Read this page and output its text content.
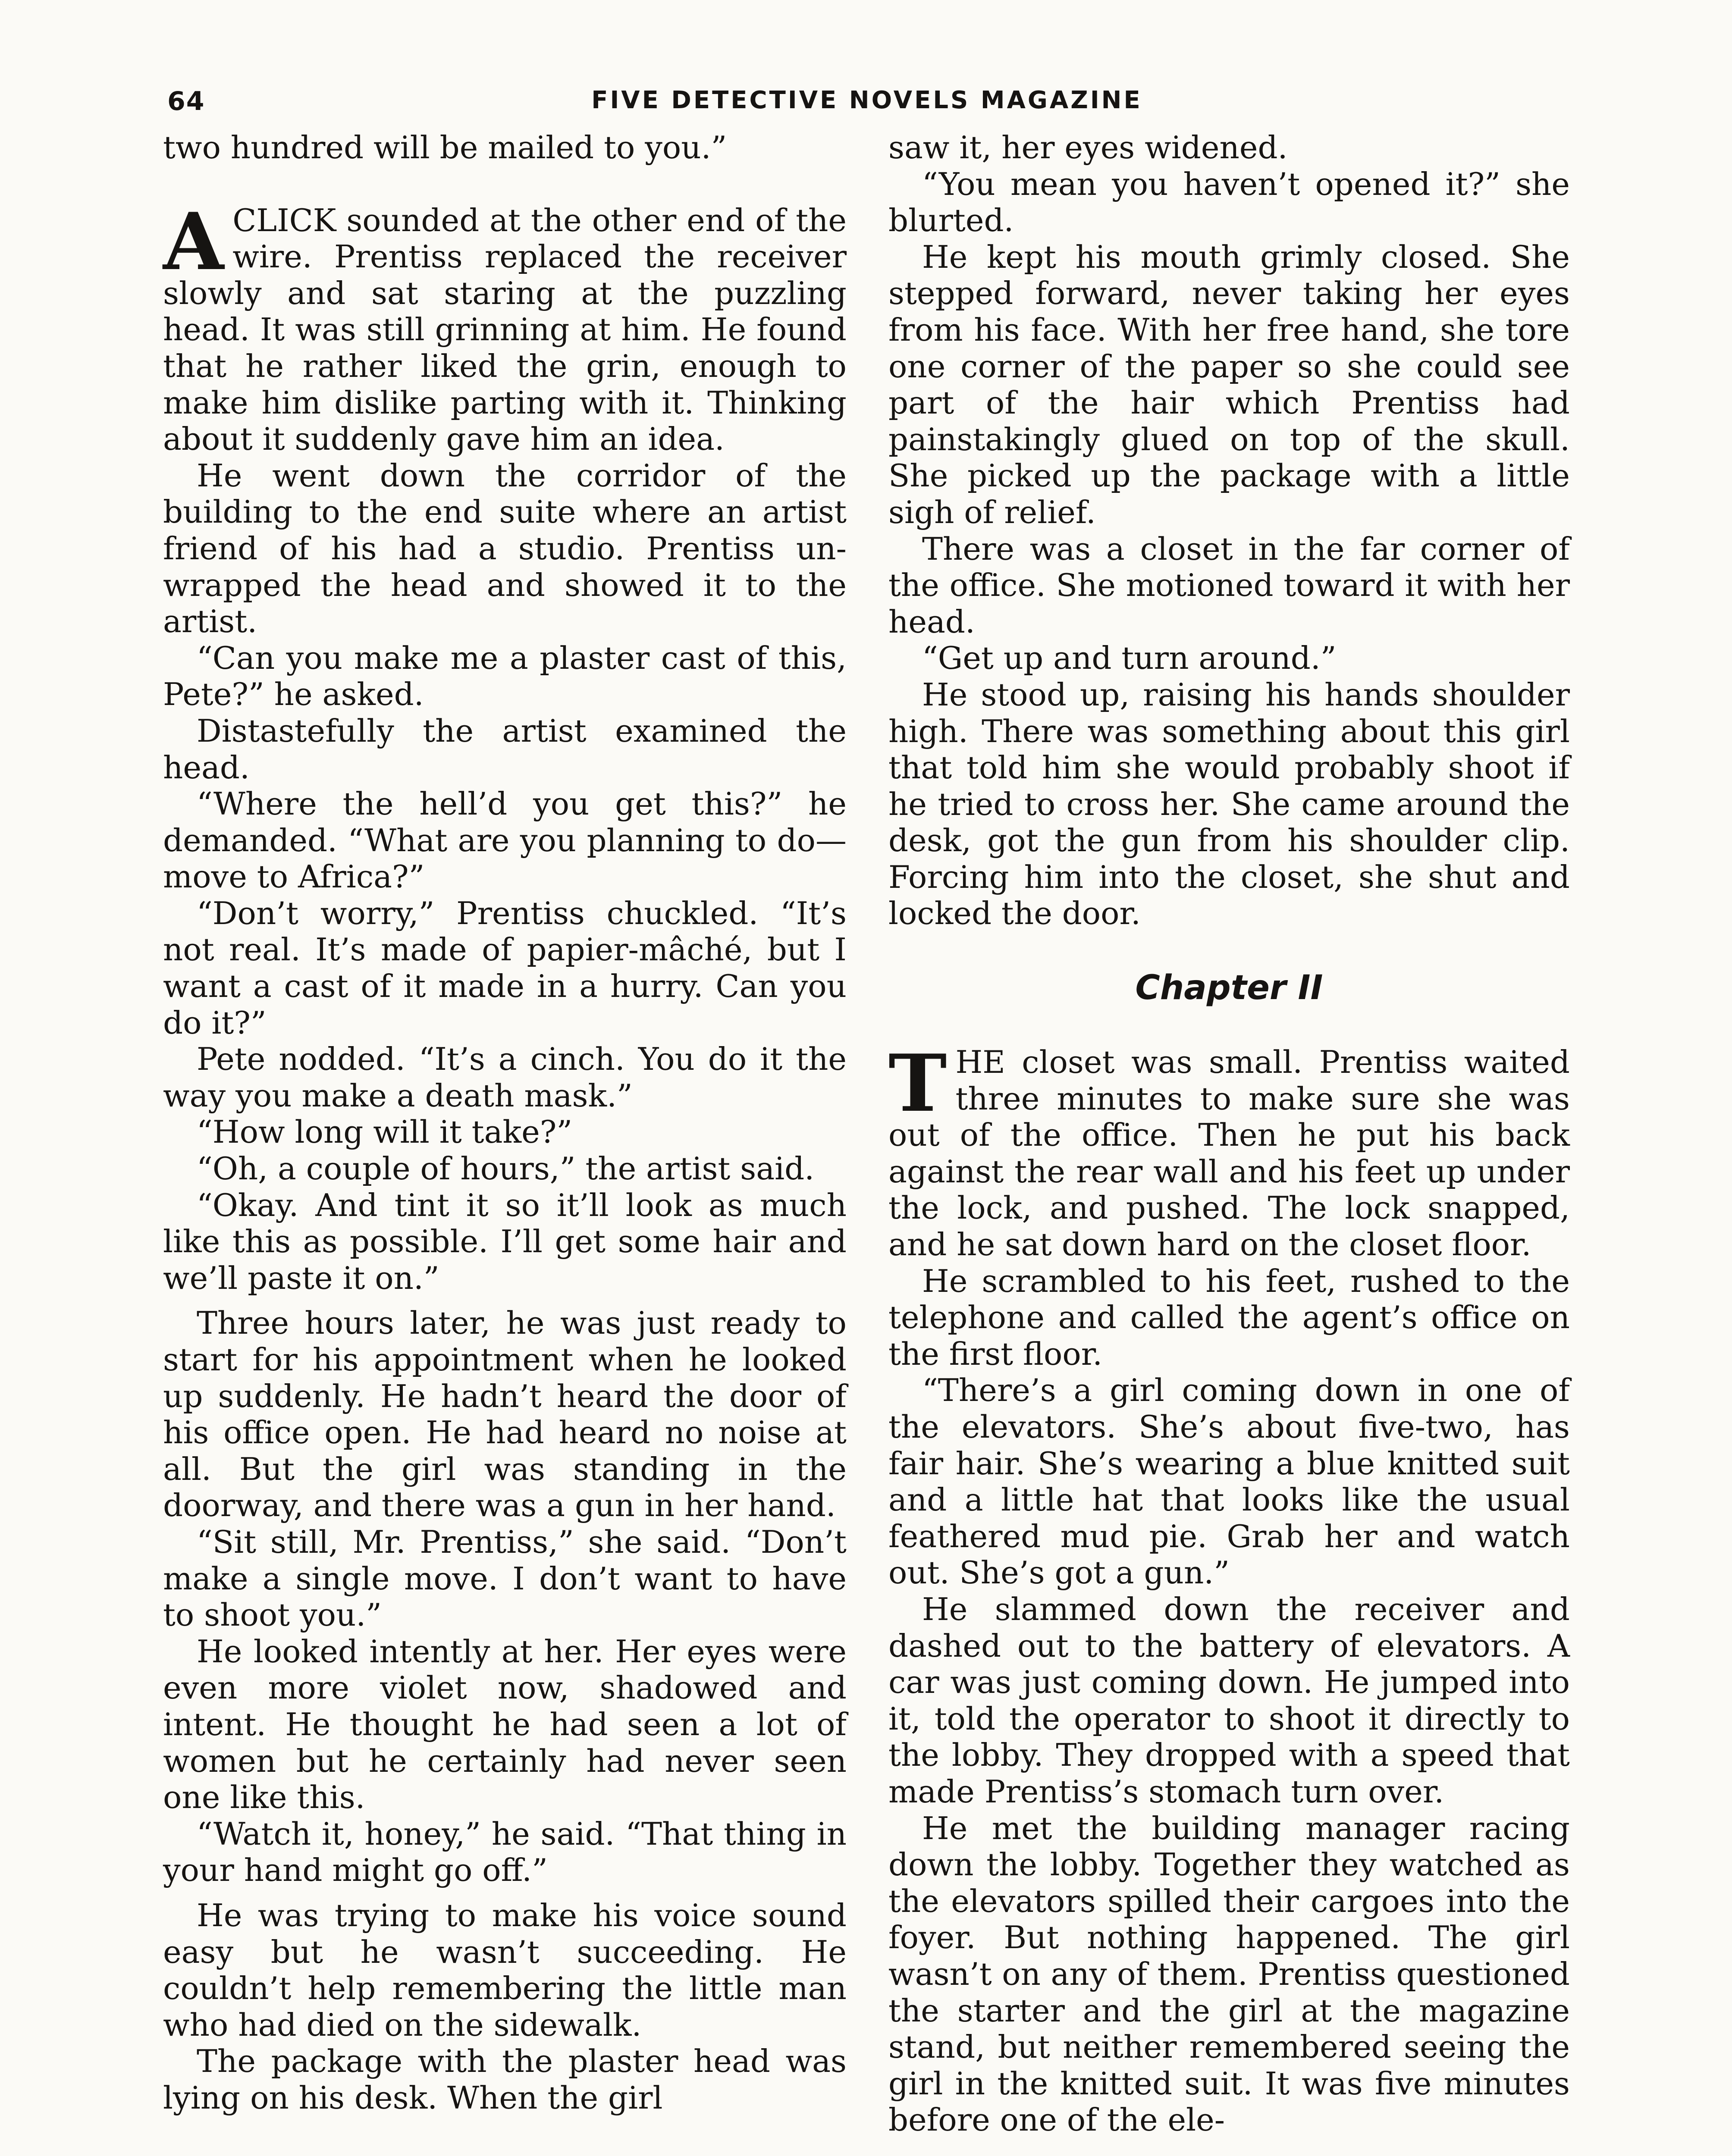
64	FIVE DETECTIVE NOVELS MAGAZINE

two hundred will be mailed to you.”

ACLICK sounded at the other end of the wire. Prentiss replaced the receiver slowly and sat staring at the puzzling head. It was still grinning at him. He found that he rather liked the grin, enough to make him dislike parting with it. Thinking about it suddenly gave him an idea.

He went down the corridor of the building to the end suite where an artist friend of his had a studio. Prentiss unwrapped the head and showed it to the artist.

“Can you make me a plaster cast of this, Pete?” he asked.

Distastefully the artist examined the head.

“Where the hell’d you get this?” he demanded. “What are you planning to do—move to Africa?”

“Don’t worry,” Prentiss chuckled. “It’s not real. It’s made of papier-mâché, but I want a cast of it made in a hurry. Can you do it?”

Pete nodded. “It’s a cinch. You do it the way you make a death mask.”

“How long will it take?”

“Oh, a couple of hours,” the artist said.

“Okay. And tint it so it’ll look as much like this as possible. I’ll get some hair and we’ll paste it on.”

Three hours later, he was just ready to start for his appointment when he looked up suddenly. He hadn’t heard the door of his office open. He had heard no noise at all. But the girl was standing in the doorway, and there was a gun in her hand.

“Sit still, Mr. Prentiss,” she said. “Don’t make a single move. I don’t want to have to shoot you.”

He looked intently at her. Her eyes were even more violet now, shadowed and intent. He thought he had seen a lot of women but he certainly had never seen one like this.

“Watch it, honey,” he said. “That thing in your hand might go off.”

He was trying to make his voice sound easy but he wasn’t succeeding. He couldn’t help remembering the little man who had died on the sidewalk.

The package with the plaster head was lying on his desk. When the girl

saw it, her eyes widened.

“You mean you haven’t opened it?” she blurted.

He kept his mouth grimly closed. She stepped forward, never taking her eyes from his face. With her free hand, she tore one corner of the paper so she could see part of the hair which Prentiss had painstakingly glued on top of the skull. She picked up the package with a little sigh of relief.

There was a closet in the far corner of the office. She motioned toward it with her head.

“Get up and turn around.”

He stood up, raising his hands shoulder high. There was something about this girl that told him she would probably shoot if he tried to cross her. She came around the desk, got the gun from his shoulder clip. Forcing him into the closet, she shut and locked the door.

Chapter II

THE closet was small. Prentiss waited three minutes to make sure she was out of the office. Then he put his back against the rear wall and his feet up under the lock, and pushed. The lock snapped, and he sat down hard on the closet floor.

He scrambled to his feet, rushed to the telephone and called the agent’s office on the first floor.

“There’s a girl coming down in one of the elevators. She’s about five-two, has fair hair. She’s wearing a blue knitted suit and a little hat that looks like the usual feathered mud pie. Grab her and watch out. She’s got a gun.”

He slammed down the receiver and dashed out to the battery of elevators. A car was just coming down. He jumped into it, told the operator to shoot it directly to the lobby. They dropped with a speed that made Prentiss’s stomach turn over.

He met the building manager racing down the lobby. Together they watched as the elevators spilled their cargoes into the foyer. But nothing happened. The girl wasn’t on any of them. Prentiss questioned the starter and the girl at the magazine stand, but neither remembered seeing the girl in the knitted suit. It was five minutes before one of the ele-
